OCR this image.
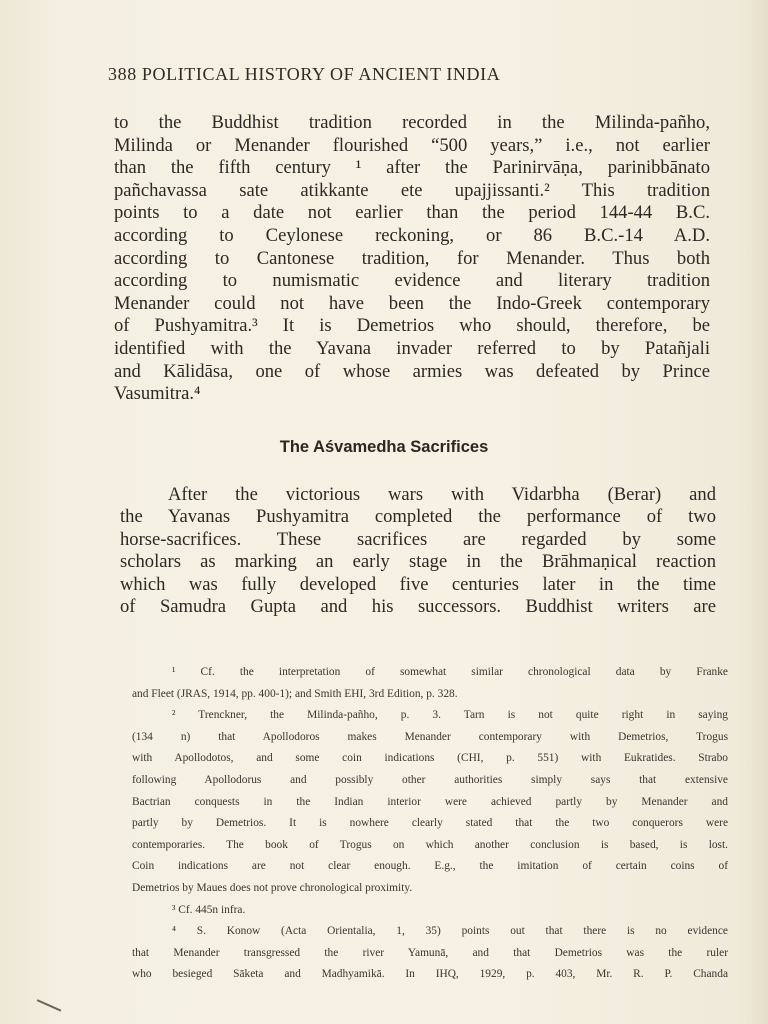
388 POLITICAL HISTORY OF ANCIENT INDIA
to the Buddhist tradition recorded in the Milinda-pañho,
Milinda or Menander flourished “500 years,” i.e., not earlier
than the fifth century ¹ after the Parinirvāṇa, parinibbānato
pañchavassa sate atikkante ete upajjissanti.² This tradition
points to a date not earlier than the period 144-44 B.C.
according to Ceylonese reckoning, or 86 B.C.-14 A.D.
according to Cantonese tradition, for Menander. Thus both
according to numismatic evidence and literary tradition
Menander could not have been the Indo-Greek contemporary
of Pushyamitra.³ It is Demetrios who should, therefore, be
identified with the Yavana invader referred to by Patañjali
and Kālidāsa, one of whose armies was defeated by Prince
Vasumitra.⁴
The Aśvamedha Sacrifices
After the victorious wars with Vidarbha (Berar) and
the Yavanas Pushyamitra completed the performance of two
horse-sacrifices. These sacrifices are regarded by some
scholars as marking an early stage in the Brāhmaṇical reaction
which was fully developed five centuries later in the time
of Samudra Gupta and his successors. Buddhist writers are
¹ Cf. the interpretation of somewhat similar chronological data by Franke
and Fleet (JRAS, 1914, pp. 400-1); and Smith EHI, 3rd Edition, p. 328.
² Trenckner, the Milinda-pañho, p. 3. Tarn is not quite right in saying
(134 n) that Apollodoros makes Menander contemporary with Demetrios, Trogus
with Apollodotos, and some coin indications (CHI, p. 551) with Eukratides. Strabo
following Apollodorus and possibly other authorities simply says that extensive
Bactrian conquests in the Indian interior were achieved partly by Menander and
partly by Demetrios. It is nowhere clearly stated that the two conquerors were
contemporaries. The book of Trogus on which another conclusion is based, is lost.
Coin indications are not clear enough. E.g., the imitation of certain coins of
Demetrios by Maues does not prove chronological proximity.
³ Cf. 445n infra.
⁴ S. Konow (Acta Orientalia, 1, 35) points out that there is no evidence
that Menander transgressed the river Yamunā, and that Demetrios was the ruler
who besieged Sāketa and Madhyamikā. In IHQ, 1929, p. 403, Mr. R. P. Chanda
